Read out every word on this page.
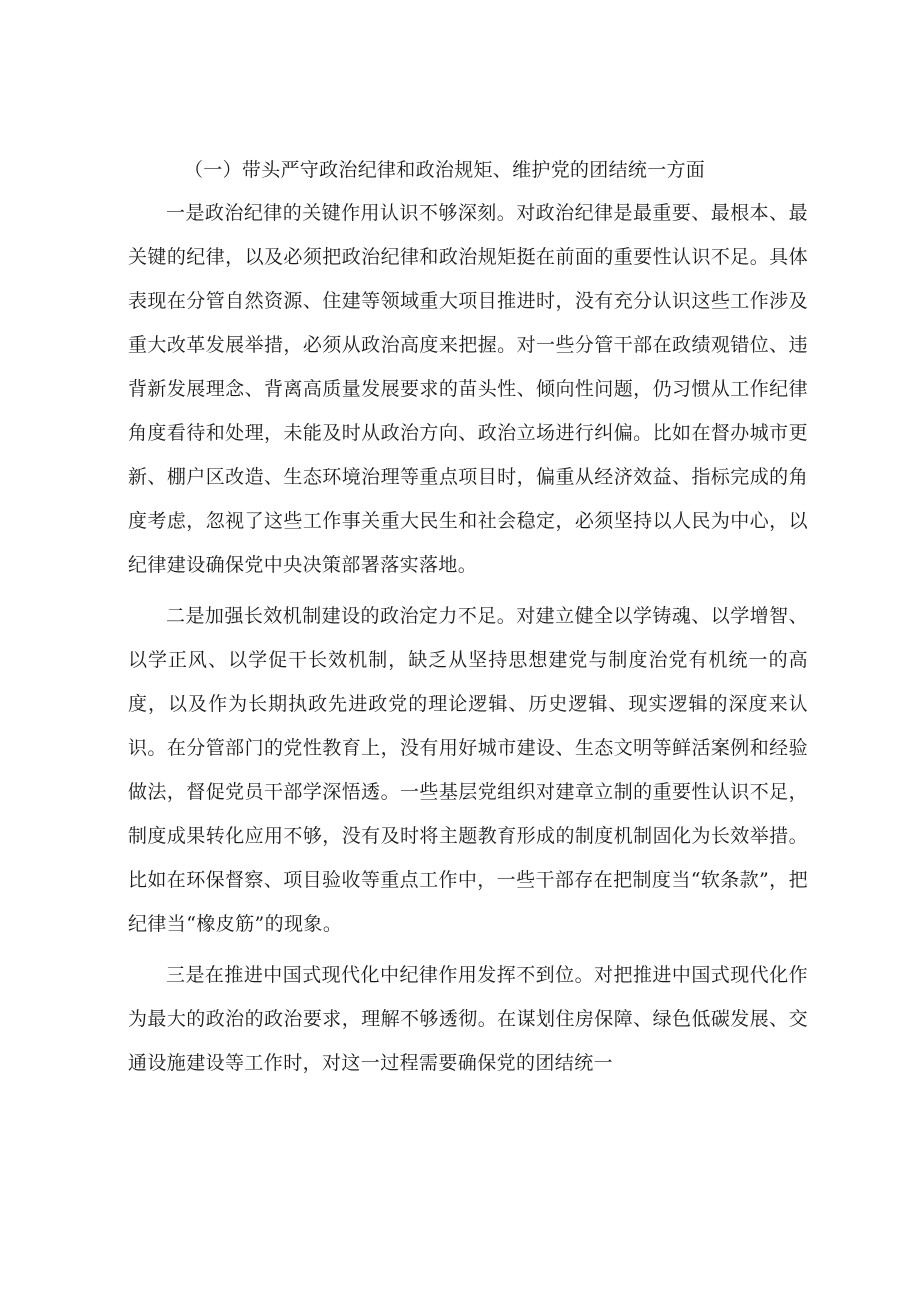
（一）带头严守政治纪律和政治规矩、维护党的团结统一方面

一是政治纪律的关键作用认识不够深刻。对政治纪律是最重要、最根本、最关键的纪律，以及必须把政治纪律和政治规矩挺在前面的重要性认识不足。具体表现在分管自然资源、住建等领域重大项目推进时，没有充分认识这些工作涉及重大改革发展举措，必须从政治高度来把握。对一些分管干部在政绩观错位、违背新发展理念、背离高质量发展要求的苗头性、倾向性问题，仍习惯从工作纪律角度看待和处理，未能及时从政治方向、政治立场进行纠偏。比如在督办城市更新、棚户区改造、生态环境治理等重点项目时，偏重从经济效益、指标完成的角度考虑，忽视了这些工作事关重大民生和社会稳定，必须坚持以人民为中心，以纪律建设确保党中央决策部署落实落地。

二是加强长效机制建设的政治定力不足。对建立健全以学铸魂、以学增智、以学正风、以学促干长效机制，缺乏从坚持思想建党与制度治党有机统一的高度，以及作为长期执政先进政党的理论逻辑、历史逻辑、现实逻辑的深度来认识。在分管部门的党性教育上，没有用好城市建设、生态文明等鲜活案例和经验做法，督促党员干部学深悟透。一些基层党组织对建章立制的重要性认识不足，制度成果转化应用不够，没有及时将主题教育形成的制度机制固化为长效举措。比如在环保督察、项目验收等重点工作中，一些干部存在把制度当“软条款”，把纪律当“橡皮筋”的现象。

三是在推进中国式现代化中纪律作用发挥不到位。对把推进中国式现代化作为最大的政治的政治要求，理解不够透彻。在谋划住房保障、绿色低碳发展、交通设施建设等工作时，对这一过程需要确保党的团结统一
